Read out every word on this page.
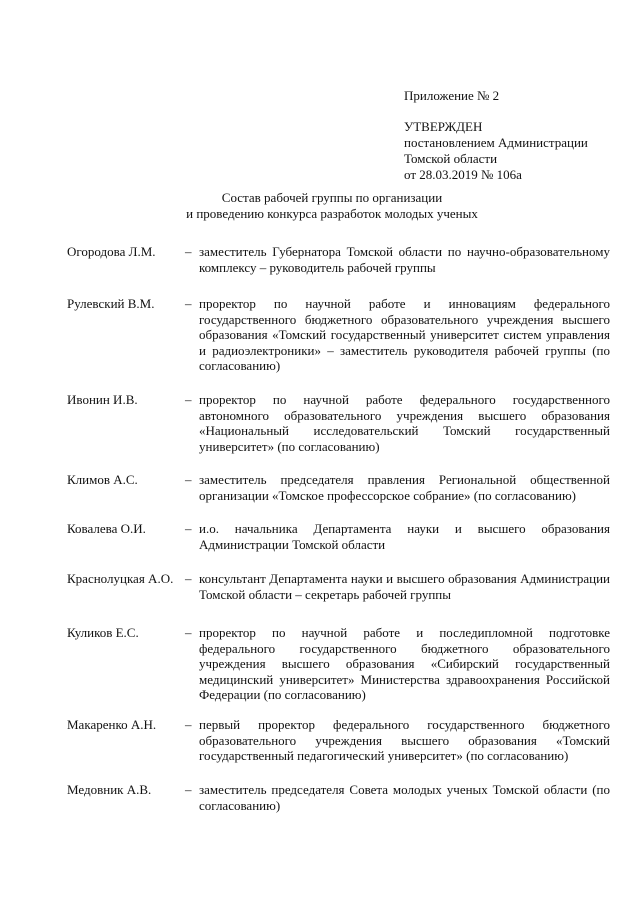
Приложение № 2
УТВЕРЖДЕН
постановлением Администрации
Томской области
от 28.03.2019 № 106а
Состав рабочей группы по организации
и проведению конкурса разработок молодых ученых
Огородова Л.М. – заместитель Губернатора Томской области по научно-образовательному комплексу – руководитель рабочей группы
Рулевский В.М. – проректор по научной работе и инновациям федерального государственного бюджетного образовательного учреждения высшего образования «Томский государственный университет систем управления и радиоэлектроники» – заместитель руководителя рабочей группы (по согласованию)
Ивонин И.В.	– проректор по научной работе федерального государственного автономного образовательного учреждения высшего образования «Национальный исследовательский Томский государственный университет» (по согласованию)
Климов А.С.	– заместитель председателя правления Региональной общественной организации «Томское профессорское собрание» (по согласованию)
Ковалева О.И.	– и.о. начальника Департамента науки и высшего образования Администрации Томской области
Краснолуцкая А.О. – консультант Департамента науки и высшего образования Администрации Томской области – секретарь рабочей группы
Куликов Е.С.	– проректор по научной работе и последипломной подготовке федерального государственного бюджетного образовательного учреждения высшего образования «Сибирский государственный медицинский университет» Министерства здравоохранения Российской Федерации (по согласованию)
Макаренко А.Н. – первый проректор федерального государственного бюджетного образовательного учреждения высшего образования «Томский государственный педагогический университет» (по согласованию)
Медовник А.В.	– заместитель председателя Совета молодых ученых Томской области (по согласованию)
